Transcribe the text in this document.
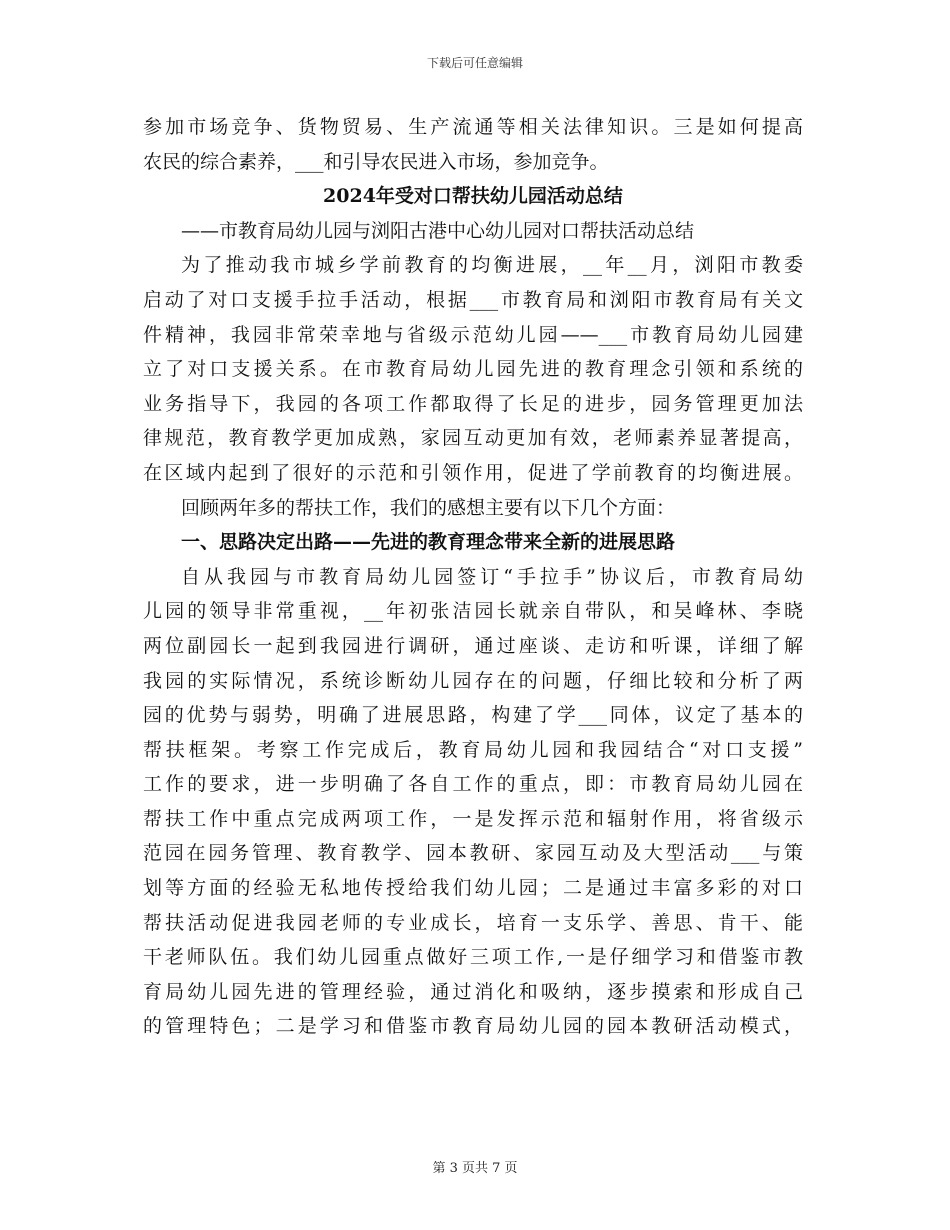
下载后可任意编辑
参加市场竞争、货物贸易、生产流通等相关法律知识。三是如何提高
农民的综合素养，___和引导农民进入市场，参加竞争。
2024年受对口帮扶幼儿园活动总结
——市教育局幼儿园与浏阳古港中心幼儿园对口帮扶活动总结
为了推动我市城乡学前教育的均衡进展，__年__月，浏阳市教委
启动了对口支援手拉手活动，根据___市教育局和浏阳市教育局有关文
件精神，我园非常荣幸地与省级示范幼儿园——___市教育局幼儿园建
立了对口支援关系。在市教育局幼儿园先进的教育理念引领和系统的
业务指导下，我园的各项工作都取得了长足的进步，园务管理更加法
律规范，教育教学更加成熟，家园互动更加有效，老师素养显著提高，
在区域内起到了很好的示范和引领作用，促进了学前教育的均衡进展。
回顾两年多的帮扶工作，我们的感想主要有以下几个方面：
一、思路决定出路——先进的教育理念带来全新的进展思路
自从我园与市教育局幼儿园签订“手拉手”协议后，市教育局幼
儿园的领导非常重视，__年初张洁园长就亲自带队，和吴峰林、李晓
两位副园长一起到我园进行调研，通过座谈、走访和听课，详细了解
我园的实际情况，系统诊断幼儿园存在的问题，仔细比较和分析了两
园的优势与弱势，明确了进展思路，构建了学___同体，议定了基本的
帮扶框架。考察工作完成后，教育局幼儿园和我园结合“对口支援”
工作的要求，进一步明确了各自工作的重点，即：市教育局幼儿园在
帮扶工作中重点完成两项工作，一是发挥示范和辐射作用，将省级示
范园在园务管理、教育教学、园本教研、家园互动及大型活动___与策
划等方面的经验无私地传授给我们幼儿园；二是通过丰富多彩的对口
帮扶活动促进我园老师的专业成长，培育一支乐学、善思、肯干、能
干老师队伍。我们幼儿园重点做好三项工作,一是仔细学习和借鉴市教
育局幼儿园先进的管理经验，通过消化和吸纳，逐步摸索和形成自己
的管理特色；二是学习和借鉴市教育局幼儿园的园本教研活动模式，
第 3 页共 7 页
